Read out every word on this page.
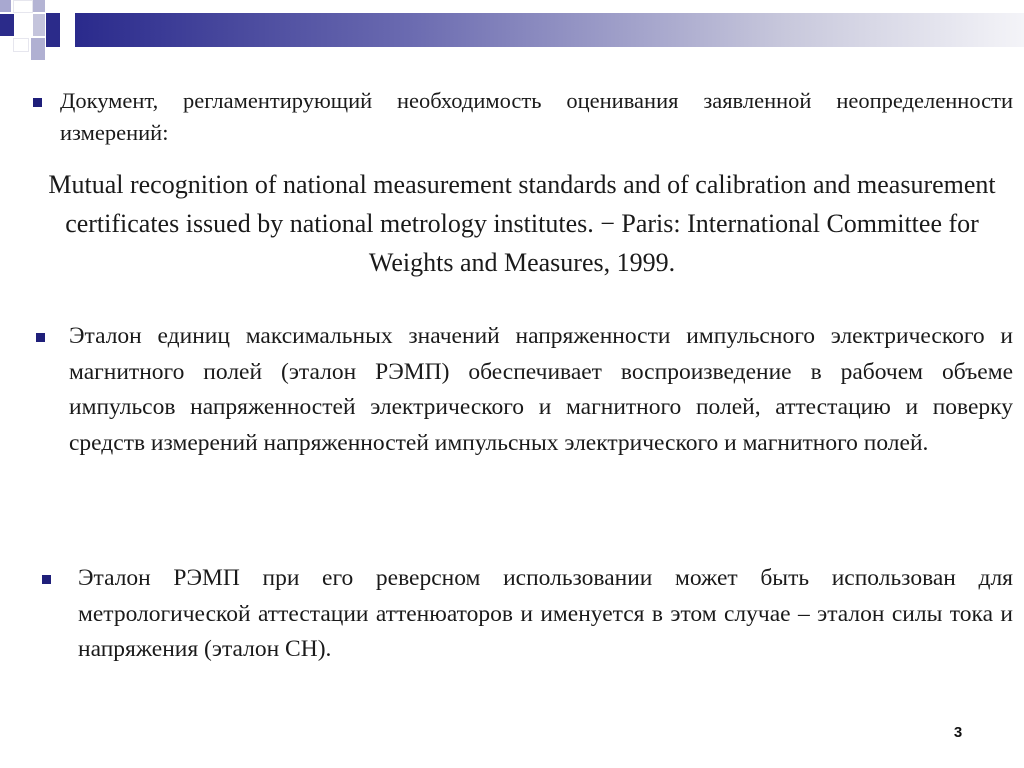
Документ, регламентирующий необходимость оценивания заявленной неопределенности измерений:
Mutual recognition of national measurement standards and of calibration and measurement certificates issued by national metrology institutes. − Paris: International Committee for Weights and Measures, 1999.
Эталон единиц максимальных значений напряженности импульсного электрического и магнитного полей (эталон РЭМП) обеспечивает воспроизведение в рабочем объеме импульсов напряженностей электрического и магнитного полей, аттестацию и поверку средств измерений напряженностей импульсных электрического и магнитного полей.
Эталон РЭМП при его реверсном использовании может быть использован для метрологической аттестации аттенюаторов и именуется в этом случае – эталон силы тока и напряжения (эталон СН).
3
